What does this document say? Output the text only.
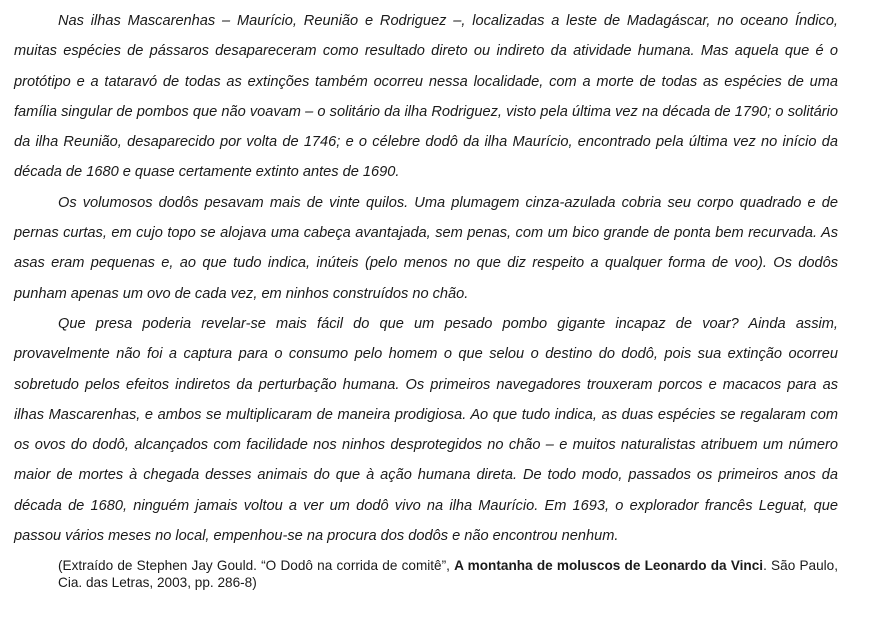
Nas ilhas Mascarenhas – Maurício, Reunião e Rodriguez –, localizadas a leste de Madagáscar, no oceano Índico, muitas espécies de pássaros desapareceram como resultado direto ou indireto da atividade humana. Mas aquela que é o protótipo e a tataravó de todas as extinções também ocorreu nessa localidade, com a morte de todas as espécies de uma família singular de pombos que não voavam – o solitário da ilha Rodriguez, visto pela última vez na década de 1790; o solitário da ilha Reunião, desaparecido por volta de 1746; e o célebre dodô da ilha Maurício, encontrado pela última vez no início da década de 1680 e quase certamente extinto antes de 1690.

Os volumosos dodôs pesavam mais de vinte quilos. Uma plumagem cinza-azulada cobria seu corpo quadrado e de pernas curtas, em cujo topo se alojava uma cabeça avantajada, sem penas, com um bico grande de ponta bem recurvada. As asas eram pequenas e, ao que tudo indica, inúteis (pelo menos no que diz respeito a qualquer forma de voo). Os dodôs punham apenas um ovo de cada vez, em ninhos construídos no chão.

Que presa poderia revelar-se mais fácil do que um pesado pombo gigante incapaz de voar? Ainda assim, provavelmente não foi a captura para o consumo pelo homem o que selou o destino do dodô, pois sua extinção ocorreu sobretudo pelos efeitos indiretos da perturbação humana. Os primeiros navegadores trouxeram porcos e macacos para as ilhas Mascarenhas, e ambos se multiplicaram de maneira prodigiosa. Ao que tudo indica, as duas espécies se regalaram com os ovos do dodô, alcançados com facilidade nos ninhos desprotegidos no chão – e muitos naturalistas atribuem um número maior de mortes à chegada desses animais do que à ação humana direta. De todo modo, passados os primeiros anos da década de 1680, ninguém jamais voltou a ver um dodô vivo na ilha Maurício. Em 1693, o explorador francês Leguat, que passou vários meses no local, empenhou-se na procura dos dodôs e não encontrou nenhum.

(Extraído de Stephen Jay Gould. “O Dodô na corrida de comitê”, A montanha de moluscos de Leonardo da Vinci. São Paulo, Cia. das Letras, 2003, pp. 286-8)
